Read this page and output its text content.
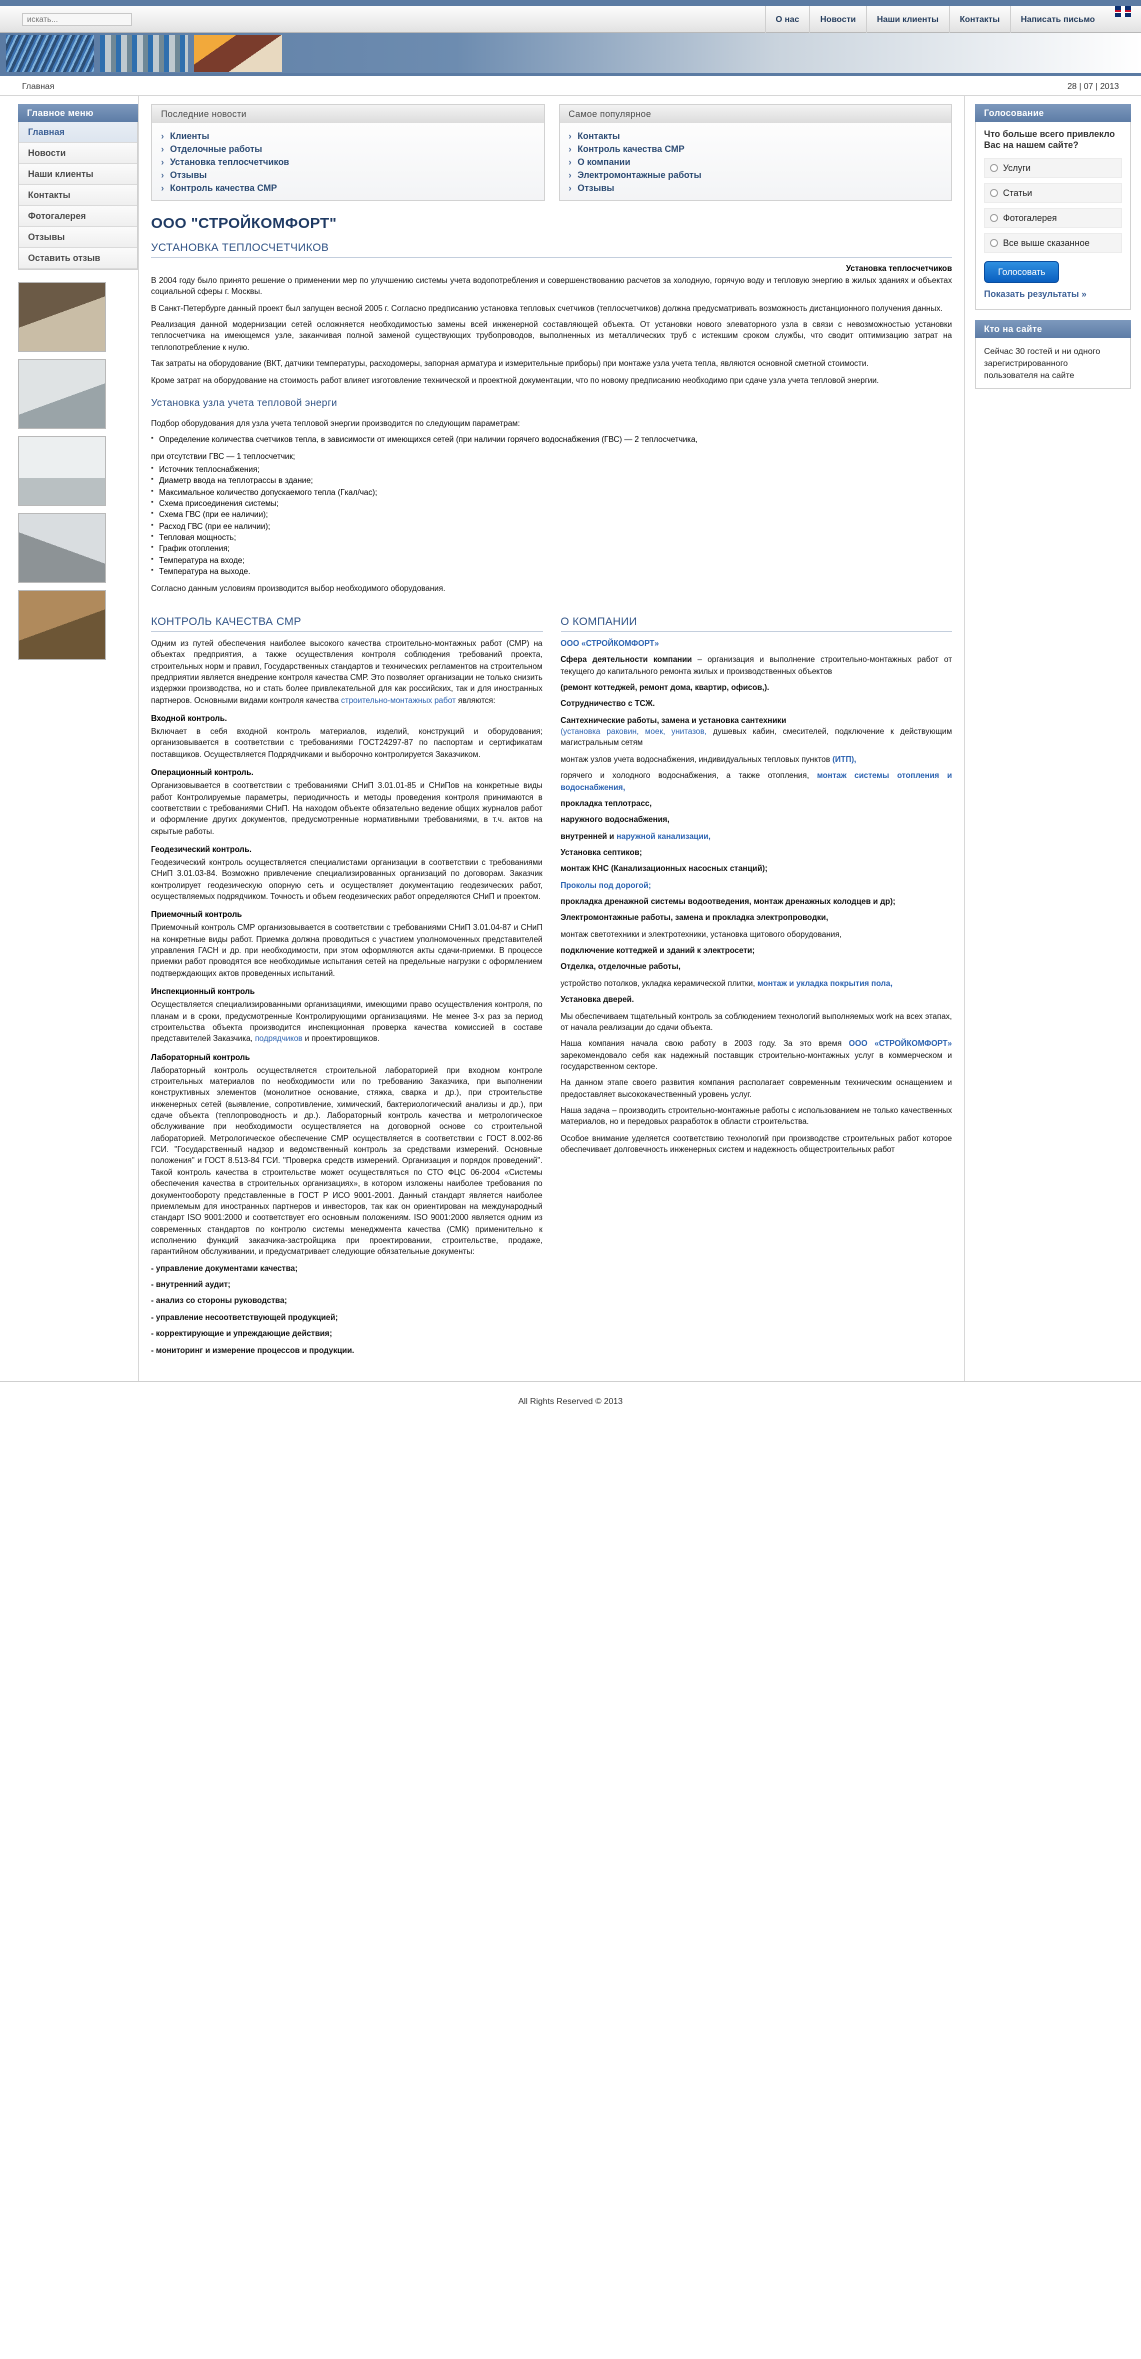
искать...
О нас	Новости	Наши клиенты	Контакты	Написать письмо
Главная	28 | 07 | 2013
Главное меню
Главная
Новости
Наши клиенты
Контакты
Фотогалерея
Отзывы
Оставить отзыв
Последние новости
› Клиенты
› Отделочные работы
› Установка теплосчетчиков
› Отзывы
› Контроль качества СМР
Самое популярное
› Контакты
› Контроль качества СМР
› О компании
› Электромонтажные работы
› Отзывы
ООО "СТРОЙКОМФОРТ"
УСТАНОВКА ТЕПЛОСЧЕТЧИКОВ

Установка теплосчетчиков

В 2004 году было принято решение о применении мер по улучшению системы учета водопотребления и совершенствованию расчетов за холодную, горячую воду и тепловую энергию в жилых зданиях и объектах социальной сферы г. Москвы.

В Санкт-Петербурге данный проект был запущен весной 2005 г. Согласно предписанию установка тепловых счетчиков (теплосчетчиков) должна предусматривать возможность дистанционного получения данных.

Реализация данной модернизации сетей осложняется необходимостью замены всей инженерной составляющей объекта. От установки нового элеваторного узла в связи с невозможностью установки теплосчетчика на имеющемся узле, заканчивая полной заменой существующих трубопроводов, выполненных из металлических труб с истекшим сроком службы, что сводит оптимизацию затрат на теплопотребление к нулю.

Так затраты на оборудование (ВКТ, датчики температуры, расходомеры, запорная арматура и измерительные приборы) при монтаже узла учета тепла, являются основной сметной стоимости.

Кроме затрат на оборудование на стоимость работ влияет изготовление технической и проектной документации, что по новому предписанию необходимо при сдаче узла учета тепловой энергии.

Установка узла учета тепловой энерги

Подбор оборудования для узла учета тепловой энергии производится по следующим параметрам:

▪ Определение количества счетчиков тепла, в зависимости от имеющихся сетей (при наличии горячего водоснабжения (ГВС) — 2 теплосчетчика,
при отсутствии ГВС — 1 теплосчетчик;
▪ Источник теплоснабжения;
▪ Диаметр ввода на теплотрассы в здание;
▪ Максимальное количество допускаемого тепла (Гкал/час);
▪ Схема присоединения системы;
▪ Схема ГВС (при ее наличии);
▪ Расход ГВС (при ее наличии);
▪ Тепловая мощность;
▪ График отопления;
▪ Температура на входе;
▪ Температура на выходе.

Согласно данным условиям производится выбор необходимого оборудования.

КОНТРОЛЬ КАЧЕСТВА СМР

Одним из путей обеспечения наиболее высокого качества строительно-монтажных работ (СМР) на объектах предприятия, а также осуществления контроля соблюдения требований проекта, строительных норм и правил, Государственных стандартов и технических регламентов на строительном предприятии является внедрение контроля качества СМР. Это позволяет организации не только снизить издержки производства, но и стать более привлекательной для как российских, так и для иностранных партнеров. Основными видами контроля качества строительно-монтажных работ являются:

Входной контроль.

Включает в себя входной контроль материалов, изделий, конструкций и оборудования; организовывается в соответствии с требованиями ГОСТ24297-87 по паспортам и сертификатам поставщиков. Осуществляется Подрядчиками и выборочно контролируется Заказчиком.

Операционный контроль.

Организовывается в соответствии с требованиями СНиП 3.01.01-85 и СНиПов на конкретные виды работ Контролируемые параметры, периодичность и методы проведения контроля принимаются в соответствии с требованиями СНиП. На находом объекте обязательно ведение общих журналов работ и оформление других документов, предусмотренные нормативными требованиями, в т.ч. актов на скрытые работы.

Геодезический контроль.

Геодезический контроль осуществляется специалистами организации в соответствии с требованиями СНиП 3.01.03-84. Возможно привлечение специализированных организаций по договорам. Заказчик контролирует геодезическую опорную сеть и осуществляет документацию геодезических работ, осуществляемых подрядчиком. Точность и объем геодезических работ определяются СНиП и проектом.

Приемочный контроль

Приемочный контроль СМР организовывается в соответствии с требованиями СНиП 3.01.04-87 и СНиП на конкретные виды работ. Приемка должна проводиться с участием уполномоченных представителей управления ГАСН и др. при необходимости, при этом оформляются акты сдачи-приемки. В процессе приемки работ проводятся все необходимые испытания сетей на предельные нагрузки с оформлением подтверждающих актов проведенных испытаний.

Инспекционный контроль

Осуществляется специализированными организациями, имеющими право осуществления контроля, по планам и в сроки, предусмотренные Контролирующими организациями. Не менее 3-х раз за период строительства объекта производится инспекционная проверка качества комиссией в составе представителей Заказчика, подрядчиков и проектировщиков.

Лабораторный контроль

Лабораторный контроль осуществляется строительной лабораторией при входном контроле строительных материалов по необходимости или по требованию Заказчика, при выполнении конструктивных элементов (монолитное основание, стяжка, сварка и др.), при строительстве инженерных сетей (выявление, сопротивление, химический, бактериологический анализы и др.), при сдаче объекта (теплопроводность и др.). Лабораторный контроль качества и метрологическое обслуживание при необходимости осуществляется на договорной основе со строительной лабораторией. Метрологическое обеспечение СМР осуществляется в соответствии с ГОСТ 8.002-86 ГСИ. "Государственный надзор и ведомственный контроль за средствами измерений. Основные положения" и ГОСТ 8.513-84 ГСИ. "Проверка средств измерений. Организация и порядок проведений". Такой контроль качества в строительстве может осуществляться по СТО ФЦС 06-2004 «Системы обеспечения качества в строительных организациях», в котором изложены наиболее требования по документообороту представленные в ГОСТ Р ИСО 9001-2001. Данный стандарт является наиболее приемлемым для иностранных партнеров и инвесторов, так как он ориентирован на международный стандарт ISO 9001:2000 и соответствует его основным положениям. ISO 9001:2000 является одним из современных стандартов по контролю системы менеджмента качества (СМК) применительно к исполнению функций заказчика-застройщика при проектировании, строительстве, продаже, гарантийном обслуживании, и предусматривает следующие обязательные документы:

- управление документами качества;

- внутренний аудит;

- анализ со стороны руководства;

- управление несоответствующей продукцией;

- корректирующие и упреждающие действия;

- мониторинг и измерение процессов и продукции.

О КОМПАНИИ

ООО «СТРОЙКОМФОРТ»

Сфера деятельности компании – организация и выполнение строительно-монтажных работ от текущего до капитального ремонта жилых и производственных объектов

(ремонт коттеджей, ремонт дома, квартир, офисов,).

Сотрудничество с ТСЖ.

Сантехнические работы, замена и установка сантехники
(установка раковин, моек, унитазов, душевых кабин, смесителей, подключение к действующим магистральным сетям

монтаж узлов учета водоснабжения, индивидуальных тепловых пунктов (ИТП),

горячего и холодного водоснабжения, а также отопления, монтаж системы отопления и водоснабжения,

прокладка теплотрасс,

наружного водоснабжения,

внутренней и наружной канализации,

Установка септиков;

монтаж КНС (Канализационных насосных станций);

Проколы под дорогой;

прокладка дренажной системы водоотведения, монтаж дренажных колодцев и др);

Электромонтажные работы, замена и прокладка электропроводки,

монтаж светотехники и электротехники, установка щитового оборудования,

подключение коттеджей и зданий к электросети;

Отделка, отделочные работы,

устройство потолков, укладка керамической плитки, монтаж и укладка покрытия пола,

Установка дверей.

Мы обеспечиваем тщательный контроль за соблюдением технологий выполняемых work на всех этапах, от начала реализации до сдачи объекта.

Наша компания начала свою работу в 2003 году. За это время ООО «СТРОЙКОМФОРТ» зарекомендовало себя как надежный поставщик строительно-монтажных услуг в коммерческом и государственном секторе.

На данном этапе своего развития компания располагает современным техническим оснащением и предоставляет высококачественный уровень услуг.

Наша задача – производить строительно-монтажные работы с использованием не только качественных материалов, но и передовых разработок в области строительства.

Особое внимание уделяется соответствию технологий при производстве строительных работ которое обеспечивает долговечность инженерных систем и надежность общестроительных работ

Голосование
Что больше всего привлекло Вас на нашем сайте?
Услуги
Статьи
Фотогалерея
Все выше сказанное
Голосовать
Показать результаты »
Кто на сайте
Сейчас 30 гостей и ни одного зарегистрированного пользователя на сайте
All Rights Reserved © 2013
